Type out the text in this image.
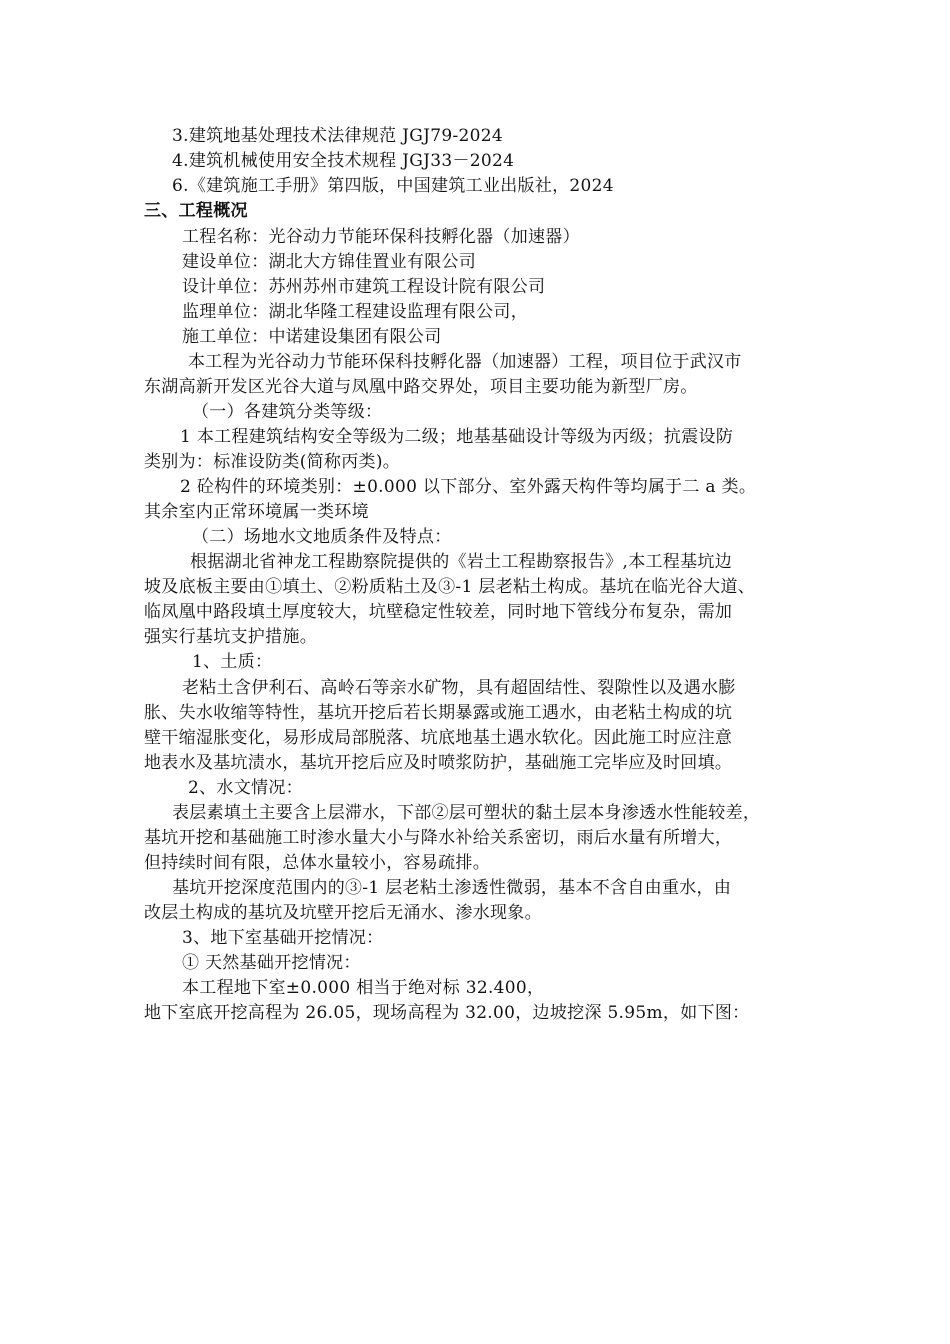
3.建筑地基处理技术法律规范 JGJ79-2024
4.建筑机械使用安全技术规程 JGJ33－2024
6.《建筑施工手册》第四版，中国建筑工业出版社，2024
三、工程概况
工程名称：光谷动力节能环保科技孵化器（加速器）
建设单位：湖北大方锦佳置业有限公司
设计单位：苏州苏州市建筑工程设计院有限公司
监理单位：湖北华隆工程建设监理有限公司，
施工单位：中诺建设集团有限公司
本工程为光谷动力节能环保科技孵化器（加速器）工程，项目位于武汉市
东湖高新开发区光谷大道与凤凰中路交界处，项目主要功能为新型厂房。
（一）各建筑分类等级：
1 本工程建筑结构安全等级为二级；地基基础设计等级为丙级；抗震设防
类别为：标准设防类(简称丙类)。
2 砼构件的环境类别：±0.000 以下部分、室外露天构件等均属于二 a 类。
其余室内正常环境属一类环境
（二）场地水文地质条件及特点：
根据湖北省神龙工程勘察院提供的《岩土工程勘察报告》,本工程基坑边
坡及底板主要由①填土、②粉质粘土及③-1 层老粘土构成。基坑在临光谷大道、
临凤凰中路段填土厚度较大，坑壁稳定性较差，同时地下管线分布复杂，需加
强实行基坑支护措施。
1、土质：
老粘土含伊利石、高岭石等亲水矿物，具有超固结性、裂隙性以及遇水膨
胀、失水收缩等特性，基坑开挖后若长期暴露或施工遇水，由老粘土构成的坑
壁干缩湿胀变化，易形成局部脱落、坑底地基土遇水软化。因此施工时应注意
地表水及基坑渍水，基坑开挖后应及时喷浆防护，基础施工完毕应及时回填。
2、水文情况：
表层素填土主要含上层滞水，下部②层可塑状的黏土层本身渗透水性能较差，
基坑开挖和基础施工时渗水量大小与降水补给关系密切，雨后水量有所增大，
但持续时间有限，总体水量较小，容易疏排。
基坑开挖深度范围内的③-1 层老粘土渗透性微弱，基本不含自由重水，由
改层土构成的基坑及坑壁开挖后无涌水、渗水现象。
3、地下室基础开挖情况：
① 天然基础开挖情况：
本工程地下室±0.000 相当于绝对标 32.400，
地下室底开挖高程为 26.05，现场高程为 32.00，边坡挖深 5.95m，如下图：
